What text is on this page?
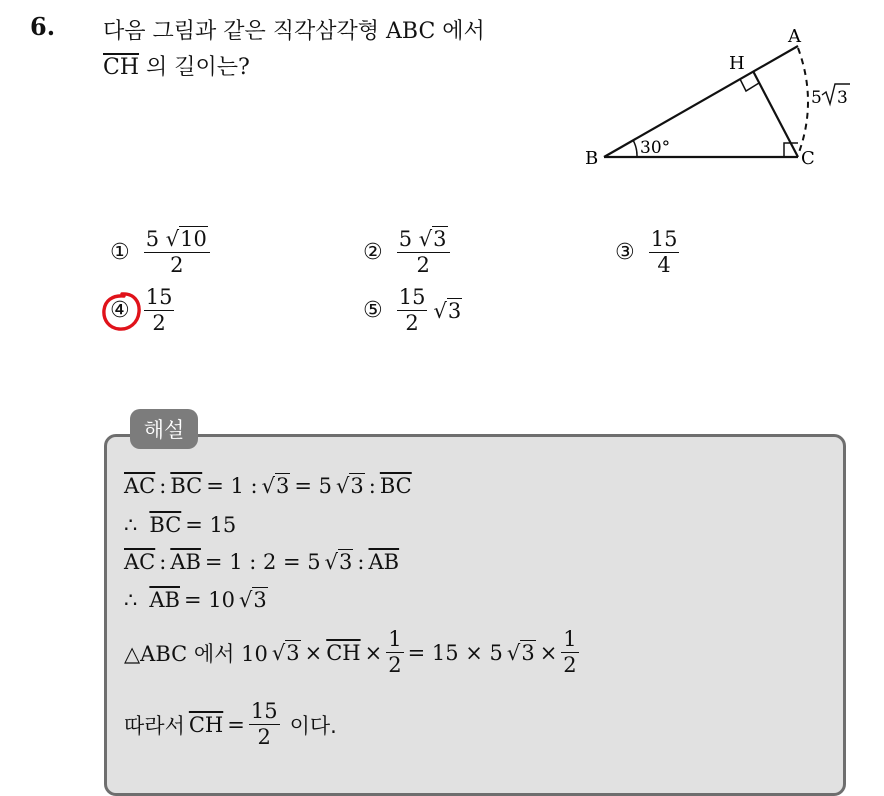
6. 다음 그림과 같은 직각삼각형 ABC 에서
$\overline{CH}$ 의 길이는?
A
B	C
H
30°
5 3
① $\frac{5 √10}{2}$	② $\frac{5 √3}{2}$	③ $\frac{15}{4}$
④ $\frac{15}{2}$	⑤ $\frac{15}{2} √3$
해설
$\overline{AC}$ : $\overline{BC} = 1$ : √3 = 5 √3 : $\overline{BC}$
∴ $\overline{BC} = 15$
$\overline{AC}$ : $\overline{AB} = 1$ : 2 = 5 √3 : $\overline{AB}$
∴ $\overline{AB} = 10$ √3
△ABC 에서 10 $√3 \times \overline{CH} \times \frac{1}{2} = 15 \times 5$ $√3 \times \frac{1}{2}$
따라서 $\overline{CH} = \frac{15}{2}$ 이다.
